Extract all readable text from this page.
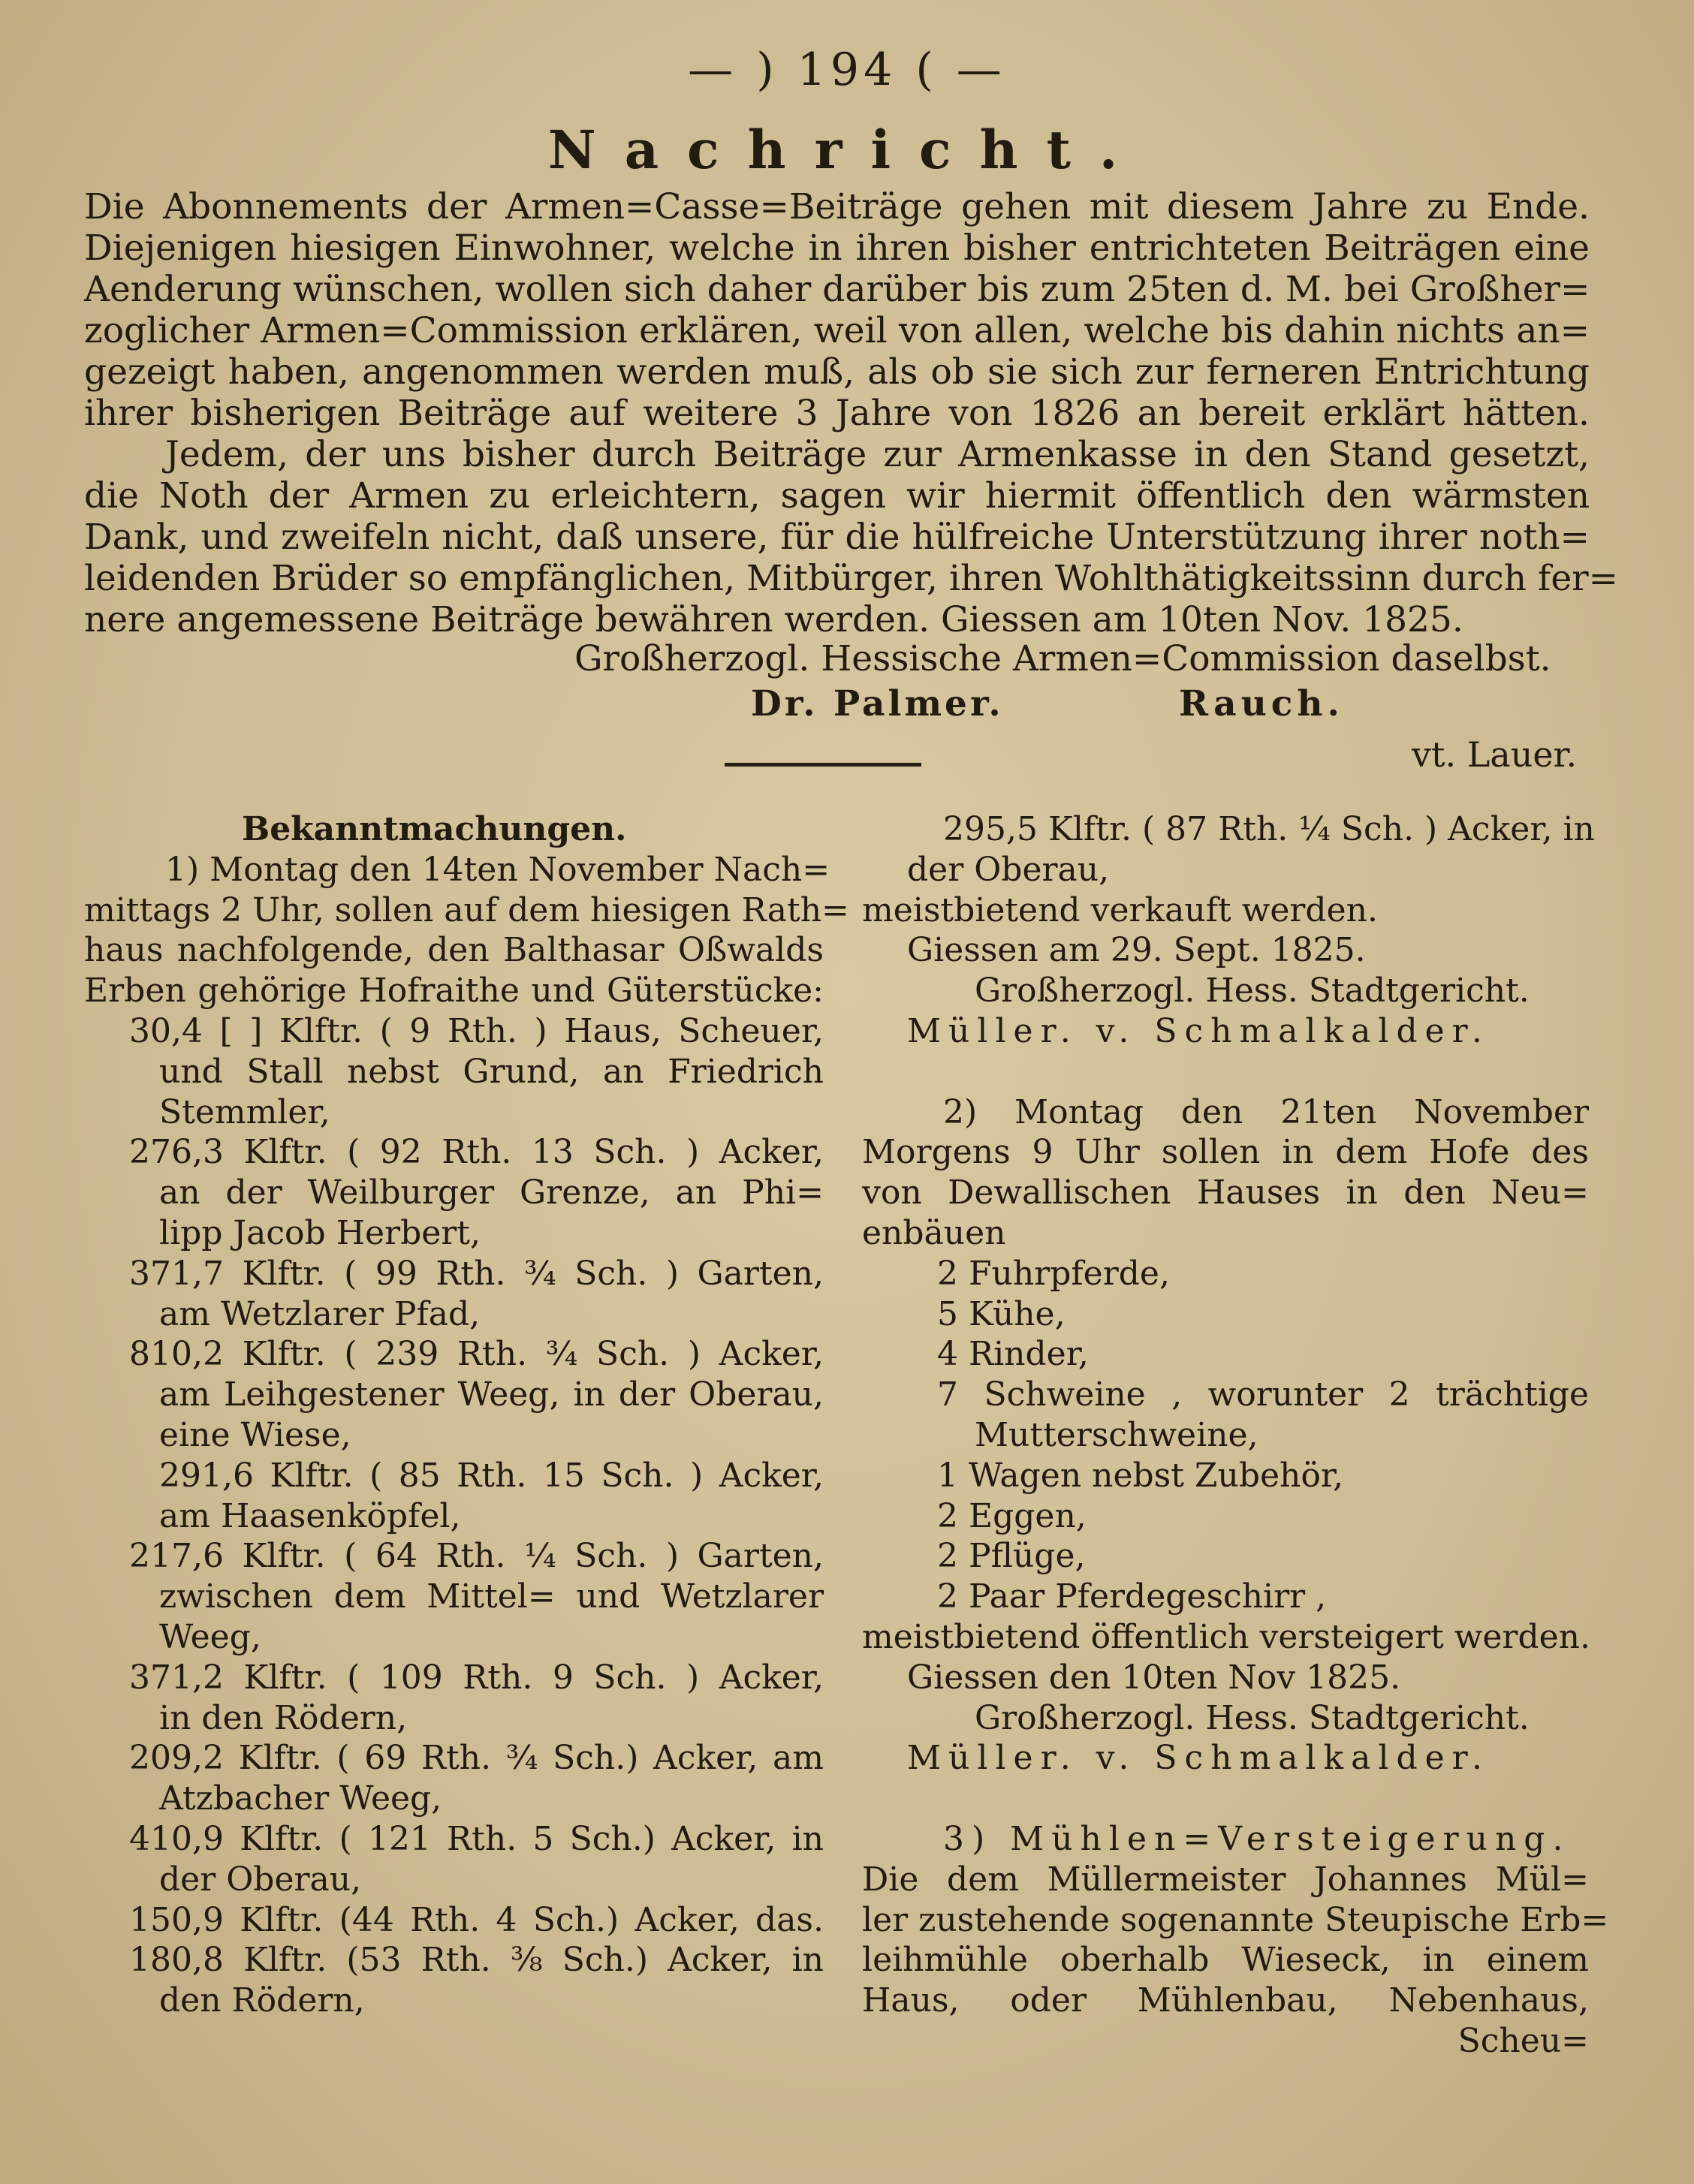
— ) 194 ( —
Nachricht.
Die Abonnements der Armen=Casse=Beiträge gehen mit diesem Jahre zu Ende.
Diejenigen hiesigen Einwohner, welche in ihren bisher entrichteten Beiträgen eine
Aenderung wünschen, wollen sich daher darüber bis zum 25ten d. M. bei Großher=
zoglicher Armen=Commission erklären, weil von allen, welche bis dahin nichts an=
gezeigt haben, angenommen werden muß, als ob sie sich zur ferneren Entrichtung
ihrer bisherigen Beiträge auf weitere 3 Jahre von 1826 an bereit erklärt hätten.
Jedem, der uns bisher durch Beiträge zur Armenkasse in den Stand gesetzt,
die Noth der Armen zu erleichtern, sagen wir hiermit öffentlich den wärmsten
Dank, und zweifeln nicht, daß unsere, für die hülfreiche Unterstützung ihrer noth=
leidenden Brüder so empfänglichen, Mitbürger, ihren Wohlthätigkeitssinn durch fer=
nere angemessene Beiträge bewähren werden. Giessen am 10ten Nov. 1825.
Großherzogl. Hessische Armen=Commission daselbst.
Dr. Palmer.	Rauch.
vt. Lauer.
Bekanntmachungen.
1) Montag den 14ten November Nach=
mittags 2 Uhr, sollen auf dem hiesigen Rath=
haus nachfolgende, den Balthasar Oßwalds
Erben gehörige Hofraithe und Güterstücke:
30,4 [ ] Klftr. ( 9 Rth. ) Haus, Scheuer,
und Stall nebst Grund, an Friedrich
Stemmler,
276,3 Klftr. ( 92 Rth. 13 Sch. ) Acker,
an der Weilburger Grenze, an Phi=
lipp Jacob Herbert,
371,7 Klftr. ( 99 Rth. ¾ Sch. ) Garten,
am Wetzlarer Pfad,
810,2 Klftr. ( 239 Rth. ¾ Sch. ) Acker,
am Leihgestener Weeg, in der Oberau,
eine Wiese,
291,6 Klftr. ( 85 Rth. 15 Sch. ) Acker,
am Haasenköpfel,
217,6 Klftr. ( 64 Rth. ¼ Sch. ) Garten,
zwischen dem Mittel= und Wetzlarer
Weeg,
371,2 Klftr. ( 109 Rth. 9 Sch. ) Acker,
in den Rödern,
209,2 Klftr. ( 69 Rth. ¾ Sch.) Acker, am
Atzbacher Weeg,
410,9 Klftr. ( 121 Rth. 5 Sch.) Acker, in
der Oberau,
150,9 Klftr. (44 Rth. 4 Sch.) Acker, das.
180,8 Klftr. (53 Rth. ⅜ Sch.) Acker, in
den Rödern,
295,5 Klftr. ( 87 Rth. ¼ Sch. ) Acker, in
der Oberau,
meistbietend verkauft werden.
Giessen am 29. Sept. 1825.
Großherzogl. Hess. Stadtgericht.
Müller. v. Schmalkalder.
2) Montag den 21ten November
Morgens 9 Uhr sollen in dem Hofe des
von Dewallischen Hauses in den Neu=
enbäuen
2 Fuhrpferde,
5 Kühe,
4 Rinder,
7 Schweine , worunter 2 trächtige
Mutterschweine,
1 Wagen nebst Zubehör,
2 Eggen,
2 Pflüge,
2 Paar Pferdegeschirr ,
meistbietend öffentlich versteigert werden.
Giessen den 10ten Nov 1825.
Großherzogl. Hess. Stadtgericht.
Müller. v. Schmalkalder.
3) Mühlen=Versteigerung.
Die dem Müllermeister Johannes Mül=
ler zustehende sogenannte Steupische Erb=
leihmühle oberhalb Wieseck, in einem
Haus, oder Mühlenbau, Nebenhaus,
Scheu=
